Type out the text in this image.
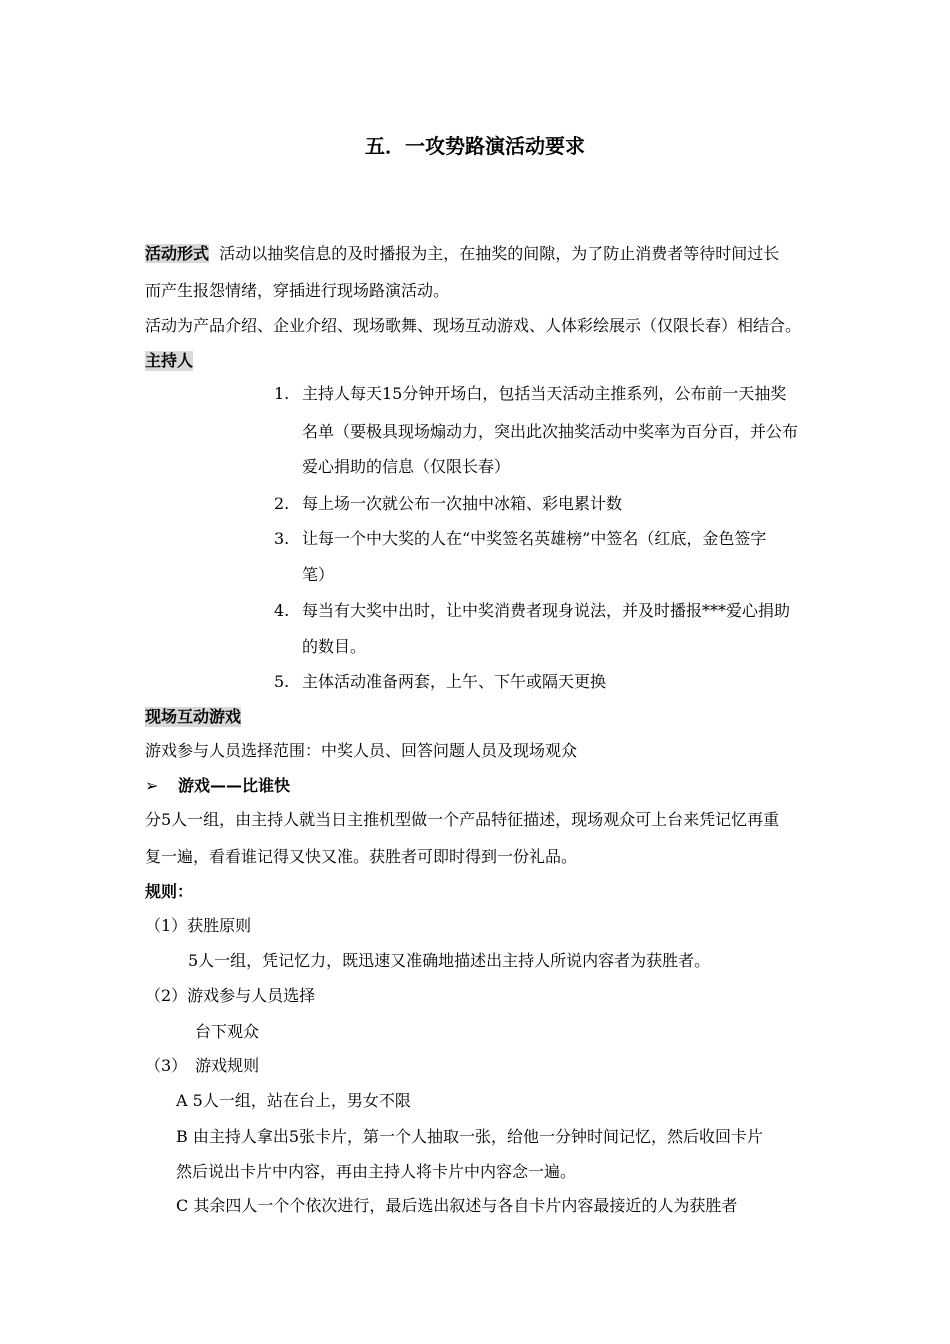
五．一攻势路演活动要求
活动形式 活动以抽奖信息的及时播报为主，在抽奖的间隙，为了防止消费者等待时间过长
而产生报怨情绪，穿插进行现场路演活动。
活动为产品介绍、企业介绍、现场歌舞、现场互动游戏、人体彩绘展示（仅限长春）相结合。
主持人
1. 主持人每天15分钟开场白，包括当天活动主推系列，公布前一天抽奖
名单（要极具现场煽动力，突出此次抽奖活动中奖率为百分百，并公布
爱心捐助的信息（仅限长春）
2. 每上场一次就公布一次抽中冰箱、彩电累计数
3. 让每一个中大奖的人在“中奖签名英雄榜”中签名（红底，金色签字
笔）
4. 每当有大奖中出时，让中奖消费者现身说法，并及时播报***爱心捐助
的数目。
5. 主体活动准备两套，上午、下午或隔天更换
现场互动游戏
游戏参与人员选择范围：中奖人员、回答问题人员及现场观众
➢ 游戏——比谁快
分5人一组，由主持人就当日主推机型做一个产品特征描述，现场观众可上台来凭记忆再重
复一遍，看看谁记得又快又准。获胜者可即时得到一份礼品。
规则：
（1）获胜原则
5人一组，凭记忆力，既迅速又准确地描述出主持人所说内容者为获胜者。
（2）游戏参与人员选择
台下观众
（3）　游戏规则
A 5人一组，站在台上，男女不限
B 由主持人拿出5张卡片，第一个人抽取一张，给他一分钟时间记忆，然后收回卡片
然后说出卡片中内容，再由主持人将卡片中内容念一遍。
C 其余四人一个个依次进行，最后选出叙述与各自卡片内容最接近的人为获胜者
